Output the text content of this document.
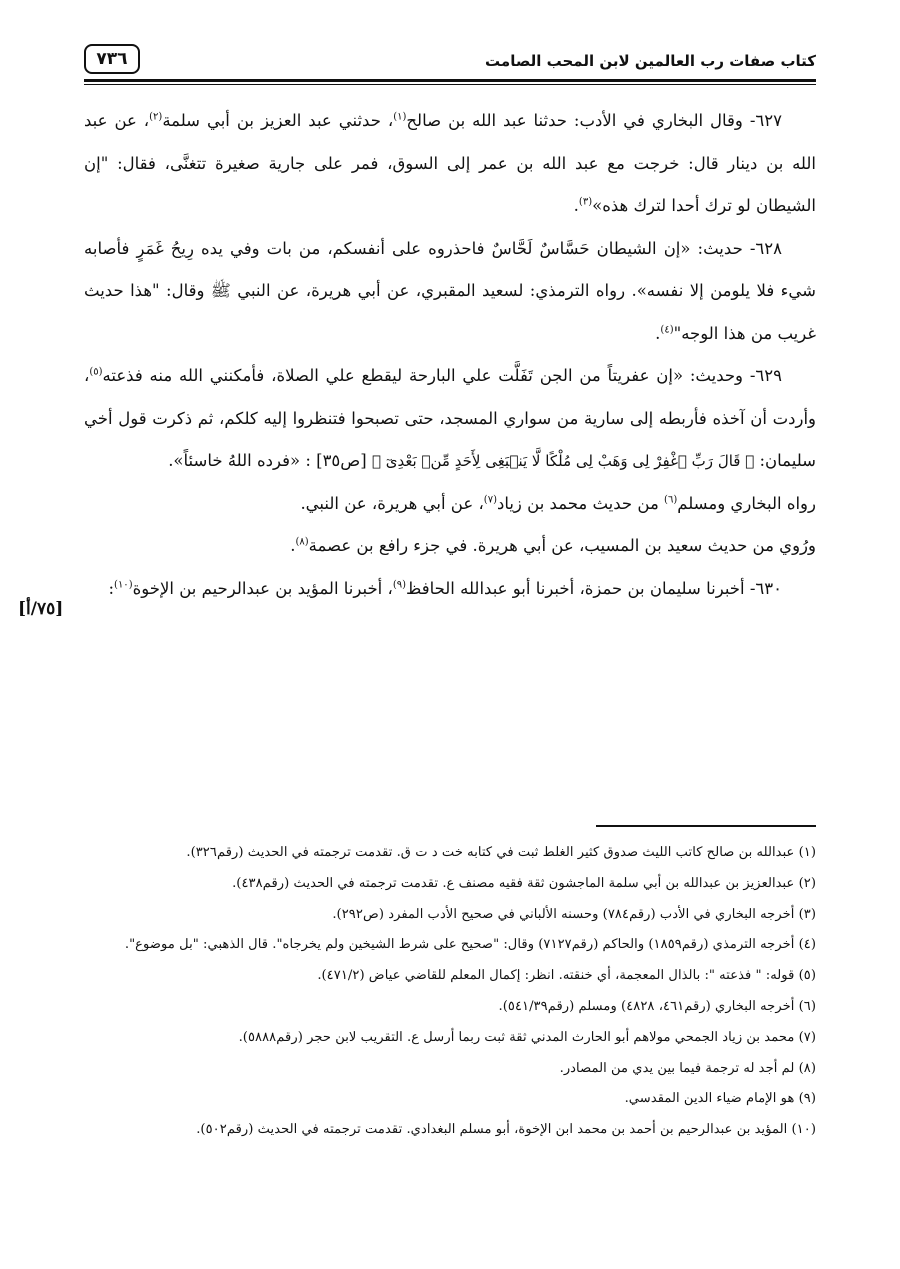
كتاب صفات رب العالمين لابن المحب الصامت
٧٣٦

٦٢٧- وقال البخاري في الأدب: حدثنا عبد الله بن صالح$^{(١)}$، حدثني عبد العزيز بن أبي سلمة$^{(٢)}$، عن عبد الله بن دينار قال: خرجت مع عبد الله بن عمر إلى السوق، فمر على جارية صغيرة تتغنَّى، فقال: "إن الشيطان لو ترك أحدا لترك هذه»$^{(٣)}$.

٦٢٨- حديث: «إن الشيطان حَسَّاسٌ لَحَّاسٌ فاحذروه على أنفسكم، من بات وفي يده رِيحُ غَمَرٍ فأصابه شيء فلا يلومن إلا نفسه». رواه الترمذي: لسعيد المقبري، عن أبي هريرة، عن النبي ﷺ وقال: "هذا حديث غريب من هذا الوجه"$^{(٤)}$.

٦٢٩- وحديث: «إن عفريتاً من الجن تَفَلَّت علي البارحة ليقطع علي الصلاة، فأمكنني الله منه فذعته$^{(٥)}$، وأردت أن آخذه فأربطه إلى سارية من سواري المسجد، حتى تصبحوا فتنظروا إليه كلكم، ثم ذكرت قول أخي سليمان: ﴿ قَالَ رَبِّ ٱغْفِرْ لِى وَهَبْ لِى مُلْكًا لَّا يَنۢبَغِى لِأَحَدٍ مِّنۢ بَعْدِىٓ ﴾ [ص٣٥] : «فرده اللهُ خاسئاً».

رواه البخاري ومسلم$^{(٦)}$ من حديث محمد بن زياد$^{(٧)}$، عن أبي هريرة، عن النبي.

ورُوي من حديث سعيد بن المسيب، عن أبي هريرة. في جزء رافع بن عصمة$^{(٨)}$.

٦٣٠- أخبرنا سليمان بن حمزة، أخبرنا أبو عبدالله الحافظ$^{(٩)}$، أخبرنا المؤيد بن عبدالرحيم بن الإخوة$^{(١٠)}$:

[٧٥/أ]

(١) عبدالله بن صالح كاتب الليث صدوق كثير الغلط ثبت في كتابه خت د ت ق. تقدمت ترجمته في الحديث (رقم٣٢٦).

(٢) عبدالعزيز بن عبدالله بن أبي سلمة الماجشون ثقة فقيه مصنف ع. تقدمت ترجمته في الحديث (رقم٤٣٨).

(٣) أخرجه البخاري في الأدب (رقم٧٨٤) وحسنه الألباني في صحيح الأدب المفرد (ص٢٩٢).

(٤) أخرجه الترمذي (رقم١٨٥٩) والحاكم (رقم٧١٢٧) وقال: "صحيح على شرط الشيخين ولم يخرجاه". قال الذهبي: "بل موضوع".

(٥) قوله: " فذعته ": بالذال المعجمة، أي خنقته. انظر: إكمال المعلم للقاضي عياض (٤٧١/٢).

(٦) أخرجه البخاري (رقم٤٦١، ٤٨٢٨) ومسلم (رقم٥٤١/٣٩).

(٧) محمد بن زياد الجمحي مولاهم أبو الحارث المدني ثقة ثبت ربما أرسل ع. التقريب لابن حجر (رقم٥٨٨٨).

(٨) لم أجد له ترجمة فيما بين يدي من المصادر.

(٩) هو الإمام ضياء الدين المقدسي.

(١٠) المؤيد بن عبدالرحيم بن أحمد بن محمد ابن الإخوة، أبو مسلم البغدادي. تقدمت ترجمته في الحديث (رقم٥٠٢).
